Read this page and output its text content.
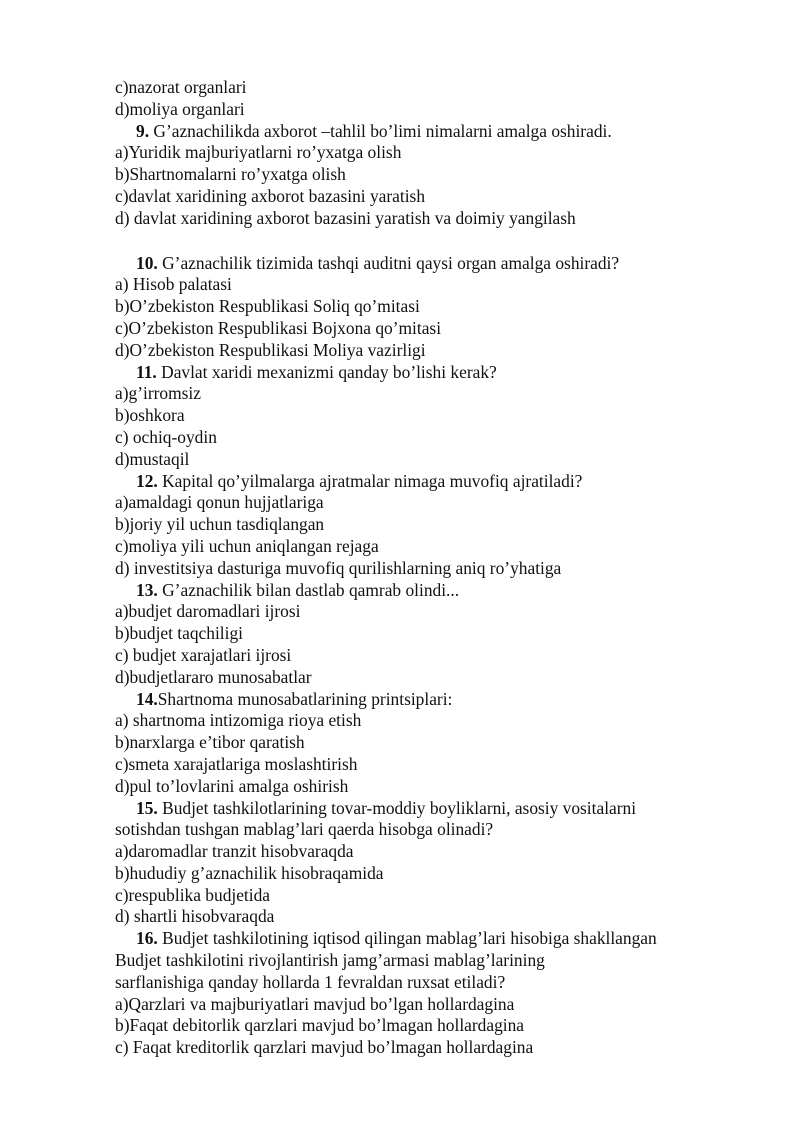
c)nazorat organlari
d)moliya organlari
9. G’aznachilikda axborot –tahlil bo’limi nimalarni amalga oshiradi.
a)Yuridik majburiyatlarni ro’yxatga olish
b)Shartnomalarni ro’yxatga olish
c)davlat xaridining axborot bazasini yaratish
d) davlat xaridining axborot bazasini yaratish va doimiy yangilash
10. G’aznachilik tizimida tashqi auditni qaysi organ amalga oshiradi?
a) Hisob palatasi
b)O’zbekiston Respublikasi Soliq qo’mitasi
c)O’zbekiston Respublikasi Bojxona qo’mitasi
d)O’zbekiston Respublikasi Moliya vazirligi
11. Davlat xaridi mexanizmi qanday bo’lishi kerak?
a)g’irromsiz
b)oshkora
c) ochiq-oydin
d)mustaqil
12. Kapital qo’yilmalarga ajratmalar nimaga muvofiq ajratiladi?
a)amaldagi qonun hujjatlariga
b)joriy yil uchun tasdiqlangan
c)moliya yili uchun aniqlangan rejaga
d) investitsiya dasturiga muvofiq qurilishlarning aniq ro’yhatiga
13. G’aznachilik bilan dastlab qamrab olindi...
a)budjet daromadlari ijrosi
b)budjet taqchiligi
c) budjet xarajatlari ijrosi
d)budjetlararo munosabatlar
14.Shartnoma munosabatlarining printsiplari:
a) shartnoma intizomiga rioya etish
b)narxlarga e’tibor qaratish
c)smeta xarajatlariga moslashtirish
d)pul to’lovlarini amalga oshirish
15. Budjet tashkilotlarining tovar-moddiy boyliklarni, asosiy vositalarni
sotishdan tushgan mablag’lari qaerda hisobga olinadi?
a)daromadlar tranzit hisobvaraqda
b)hududiy g’aznachilik hisobraqamida
c)respublika budjetida
d) shartli hisobvaraqda
16. Budjet tashkilotining iqtisod qilingan mablag’lari hisobiga shakllangan
Budjet tashkilotini rivojlantirish jamg’armasi mablag’larining
sarflanishiga qanday hollarda 1 fevraldan ruxsat etiladi?
a)Qarzlari va majburiyatlari mavjud bo’lgan hollardagina
b)Faqat debitorlik qarzlari mavjud bo’lmagan hollardagina
c) Faqat kreditorlik qarzlari mavjud bo’lmagan hollardagina
